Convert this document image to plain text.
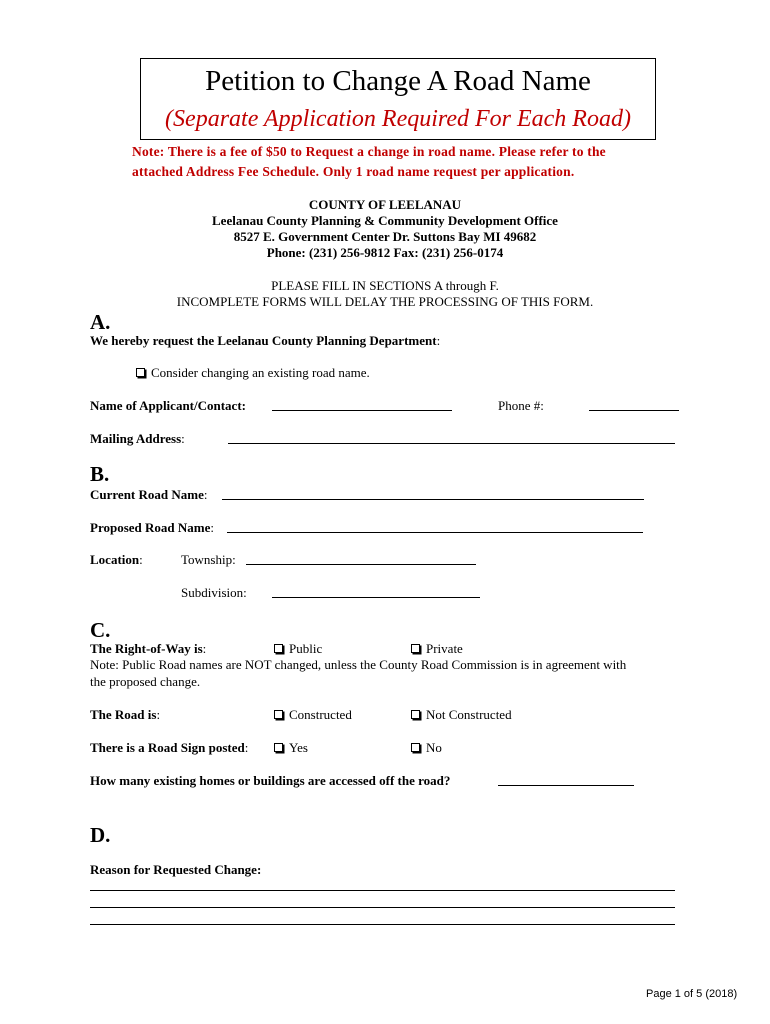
Petition to Change A Road Name
(Separate Application Required For Each Road)
Note: There is a fee of $50 to Request a change in road name. Please refer to the
attached Address Fee Schedule. Only 1 road name request per application.
COUNTY OF LEELANAU
Leelanau County Planning & Community Development Office
8527 E. Government Center Dr. Suttons Bay MI 49682
Phone: (231) 256-9812 Fax: (231) 256-0174
PLEASE FILL IN SECTIONS A through F.
INCOMPLETE FORMS WILL DELAY THE PROCESSING OF THIS FORM.
A.
We hereby request the Leelanau County Planning Department:
Consider changing an existing road name.
Name of Applicant/Contact:	Phone #:
Mailing Address:
B.
Current Road Name:
Proposed Road Name:
Location:	Township:
Subdivision:
C.
The Right-of-Way is:	Public	Private
Note: Public Road names are NOT changed, unless the County Road Commission is in agreement with
the proposed change.
The Road is:	Constructed	Not Constructed
There is a Road Sign posted:	Yes	No
How many existing homes or buildings are accessed off the road?
D.
Reason for Requested Change:
Page 1 of 5 (2018)
